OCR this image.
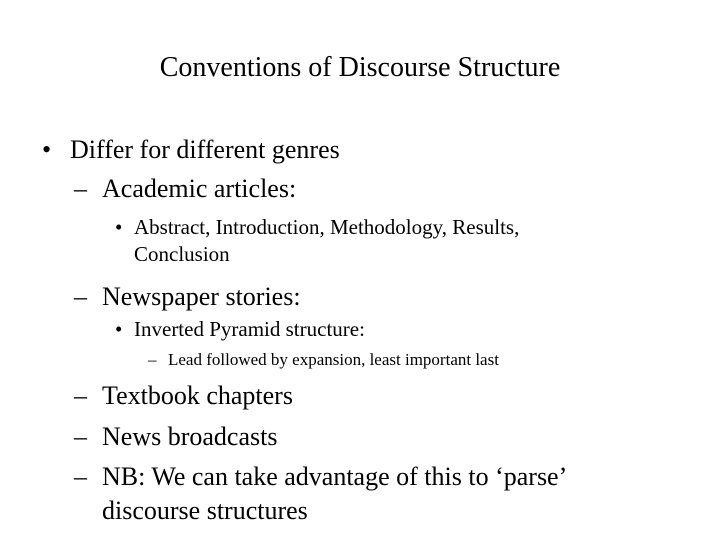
Conventions of Discourse Structure
• Differ for different genres
– Academic articles:
• Abstract, Introduction, Methodology, Results,
Conclusion
– Newspaper stories:
• Inverted Pyramid structure:
– Lead followed by expansion, least important last
– Textbook chapters
– News broadcasts
– NB: We can take advantage of this to ‘parse’
discourse structures
